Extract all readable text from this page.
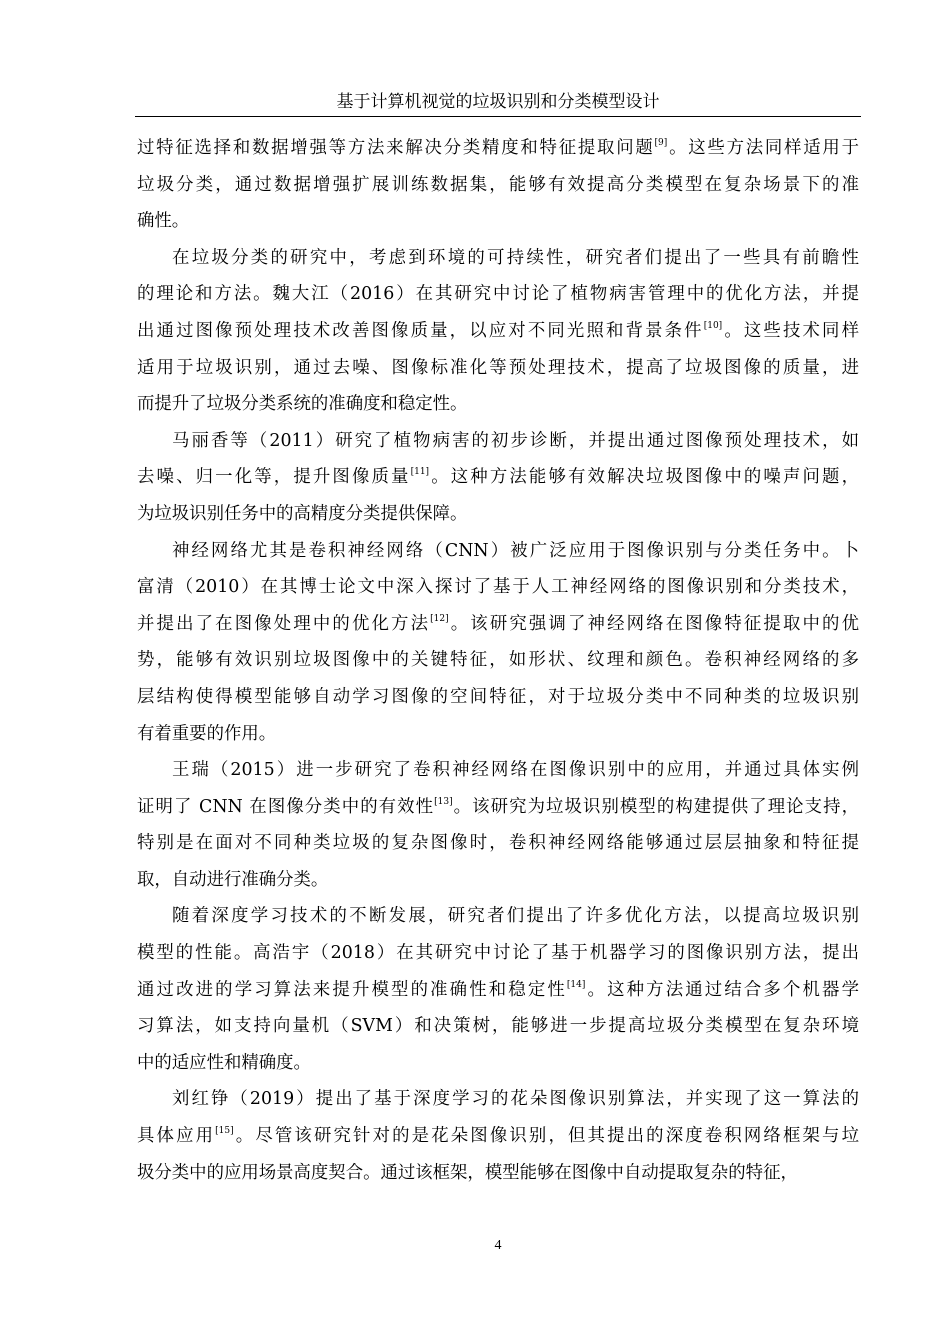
基于计算机视觉的垃圾识别和分类模型设计
过特征选择和数据增强等方法来解决分类精度和特征提取问题[9]。这些方法同样适用于
垃圾分类，通过数据增强扩展训练数据集，能够有效提高分类模型在复杂场景下的准
确性。
在垃圾分类的研究中，考虑到环境的可持续性，研究者们提出了一些具有前瞻性
的理论和方法。魏大江（2016）在其研究中讨论了植物病害管理中的优化方法，并提
出通过图像预处理技术改善图像质量，以应对不同光照和背景条件[10]。这些技术同样
适用于垃圾识别，通过去噪、图像标准化等预处理技术，提高了垃圾图像的质量，进
而提升了垃圾分类系统的准确度和稳定性。
马丽香等（2011）研究了植物病害的初步诊断，并提出通过图像预处理技术，如
去噪、归一化等，提升图像质量[11]。这种方法能够有效解决垃圾图像中的噪声问题，
为垃圾识别任务中的高精度分类提供保障。
神经网络尤其是卷积神经网络（CNN）被广泛应用于图像识别与分类任务中。卜
富清（2010）在其博士论文中深入探讨了基于人工神经网络的图像识别和分类技术，
并提出了在图像处理中的优化方法[12]。该研究强调了神经网络在图像特征提取中的优
势，能够有效识别垃圾图像中的关键特征，如形状、纹理和颜色。卷积神经网络的多
层结构使得模型能够自动学习图像的空间特征，对于垃圾分类中不同种类的垃圾识别
有着重要的作用。
王瑞（2015）进一步研究了卷积神经网络在图像识别中的应用，并通过具体实例
证明了 CNN 在图像分类中的有效性[13]。该研究为垃圾识别模型的构建提供了理论支持，
特别是在面对不同种类垃圾的复杂图像时，卷积神经网络能够通过层层抽象和特征提
取，自动进行准确分类。
随着深度学习技术的不断发展，研究者们提出了许多优化方法，以提高垃圾识别
模型的性能。高浩宇（2018）在其研究中讨论了基于机器学习的图像识别方法，提出
通过改进的学习算法来提升模型的准确性和稳定性[14]。这种方法通过结合多个机器学
习算法，如支持向量机（SVM）和决策树，能够进一步提高垃圾分类模型在复杂环境
中的适应性和精确度。
刘红铮（2019）提出了基于深度学习的花朵图像识别算法，并实现了这一算法的
具体应用[15]。尽管该研究针对的是花朵图像识别，但其提出的深度卷积网络框架与垃
圾分类中的应用场景高度契合。通过该框架，模型能够在图像中自动提取复杂的特征，
4
